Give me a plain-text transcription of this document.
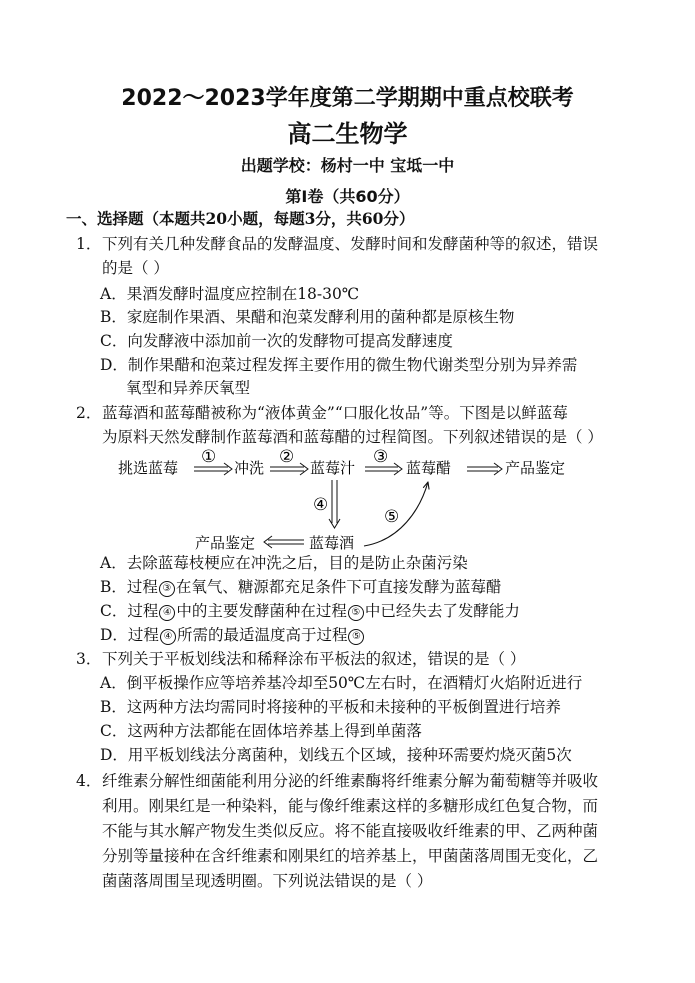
2022～2023学年度第二学期期中重点校联考
高二生物学
出题学校：杨村一中 宝坻一中
第Ⅰ卷（共60分）
一、选择题（本题共20小题，每题3分，共60分）
1． 下列有关几种发酵食品的发酵温度、发酵时间和发酵菌种等的叙述，错误
的是（ ）
A．果酒发酵时温度应控制在18-30℃
B．家庭制作果酒、果醋和泡菜发酵利用的菌种都是原核生物
C．向发酵液中添加前一次的发酵物可提高发酵速度
D．制作果醋和泡菜过程发挥主要作用的微生物代谢类型分别为异养需
氧型和异养厌氧型
2． 蓝莓酒和蓝莓醋被称为“液体黄金”“口服化妆品”等。下图是以鲜蓝莓
为原料天然发酵制作蓝莓酒和蓝莓醋的过程简图。下列叙述错误的是（ ）
挑选蓝莓
①
冲洗
②
蓝莓汁
③
蓝莓醋	产品鉴定
④
⑤
蓝莓酒
产品鉴定
A．去除蓝莓枝梗应在冲洗之后，目的是防止杂菌污染
B．过程 ③ 在氧气、糖源都充足条件下可直接发酵为蓝莓醋
C．过程 ④ 中的主要发酵菌种在过程 ⑤ 中已经失去了发酵能力
D．过程 ④ 所需的最适温度高于过程 ⑤
3． 下列关于平板划线法和稀释涂布平板法的叙述，错误的是（ ）
A．倒平板操作应等培养基冷却至50℃左右时，在酒精灯火焰附近进行
B．这两种方法均需同时将接种的平板和未接种的平板倒置进行培养
C．这两种方法都能在固体培养基上得到单菌落
D．用平板划线法分离菌种，划线五个区域，接种环需要灼烧灭菌5次
4． 纤维素分解性细菌能利用分泌的纤维素酶将纤维素分解为葡萄糖等并吸收
利用。刚果红是一种染料，能与像纤维素这样的多糖形成红色复合物，而
不能与其水解产物发生类似反应。将不能直接吸收纤维素的甲、乙两种菌
分别等量接种在含纤维素和刚果红的培养基上，甲菌菌落周围无变化，乙
菌菌落周围呈现透明圈。下列说法错误的是（ ）
